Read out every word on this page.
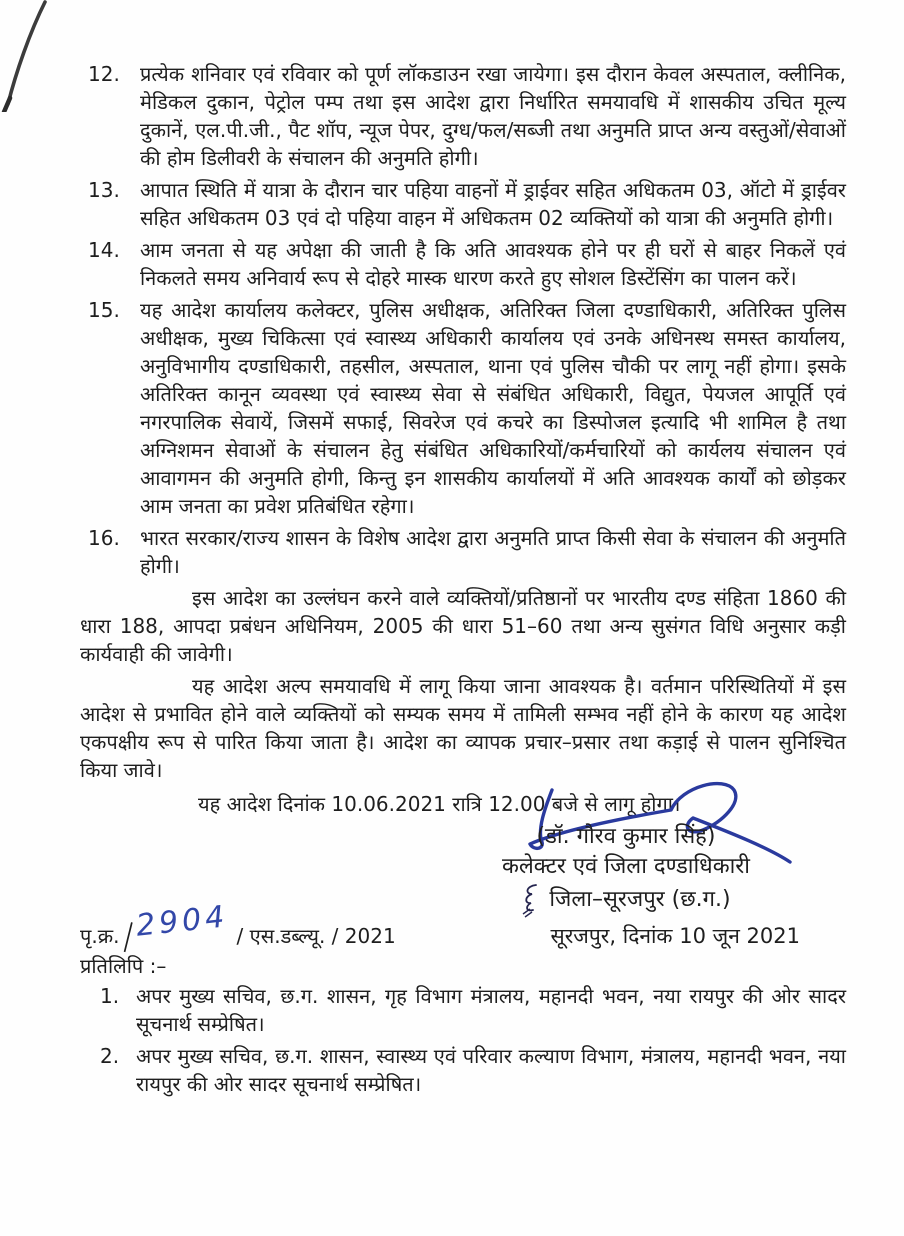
12.	प्रत्येक शनिवार एवं रविवार को पूर्ण लॉकडाउन रखा जायेगा। इस दौरान केवल अस्पताल, क्लीनिक, मेडिकल दुकान, पेट्रोल पम्प तथा इस आदेश द्वारा निर्धारित समयावधि में शासकीय उचित मूल्य दुकानें, एल.पी.जी., पैट शॉप, न्यूज पेपर, दुग्ध/फल/सब्जी तथा अनुमति प्राप्त अन्य वस्तुओं/सेवाओं की होम डिलीवरी के संचालन की अनुमति होगी।
13.	आपात स्थिति में यात्रा के दौरान चार पहिया वाहनों में ड्राईवर सहित अधिकतम 03, ऑटो में ड्राईवर सहित अधिकतम 03 एवं दो पहिया वाहन में अधिकतम 02 व्यक्तियों को यात्रा की अनुमति होगी।
14.	आम जनता से यह अपेक्षा की जाती है कि अति आवश्यक होने पर ही घरों से बाहर निकलें एवं निकलते समय अनिवार्य रूप से दोहरे मास्क धारण करते हुए सोशल डिस्टेंसिंग का पालन करें।
15.	यह आदेश कार्यालय कलेक्टर, पुलिस अधीक्षक, अतिरिक्त जिला दण्डाधिकारी, अतिरिक्त पुलिस अधीक्षक, मुख्य चिकित्सा एवं स्वास्थ्य अधिकारी कार्यालय एवं उनके अधिनस्थ समस्त कार्यालय, अनुविभागीय दण्डाधिकारी, तहसील, अस्पताल, थाना एवं पुलिस चौकी पर लागू नहीं होगा। इसके अतिरिक्त कानून व्यवस्था एवं स्वास्थ्य सेवा से संबंधित अधिकारी, विद्युत, पेयजल आपूर्ति एवं नगरपालिक सेवायें, जिसमें सफाई, सिवरेज एवं कचरे का डिस्पोजल इत्यादि भी शामिल है तथा अग्निशमन सेवाओं के संचालन हेतु संबंधित अधिकारियों/कर्मचारियों को कार्यलय संचालन एवं आवागमन की अनुमति होगी, किन्तु इन शासकीय कार्यालयों में अति आवश्यक कार्यों को छोड़कर आम जनता का प्रवेश प्रतिबंधित रहेगा।
16.	भारत सरकार/राज्य शासन के विशेष आदेश द्वारा अनुमति प्राप्त किसी सेवा के संचालन की अनुमति होगी।

इस आदेश का उल्लंघन करने वाले व्यक्तियों/प्रतिष्ठानों पर भारतीय दण्ड संहिता 1860 की धारा 188, आपदा प्रबंधन अधिनियम, 2005 की धारा 51–60 तथा अन्य सुसंगत विधि अनुसार कड़ी कार्यवाही की जावेगी।

यह आदेश अल्प समयावधि में लागू किया जाना आवश्यक है। वर्तमान परिस्थितियों में इस आदेश से प्रभावित होने वाले व्यक्तियों को सम्यक समय में तामिली सम्भव नहीं होने के कारण यह आदेश एकपक्षीय रूप से पारित किया जाता है। आदेश का व्यापक प्रचार–प्रसार तथा कड़ाई से पालन सुनिश्चित किया जावे।

यह आदेश दिनांक 10.06.2021 रात्रि 12.00 बजे से लागू होगा।

(डॉ. गौरव कुमार सिंह)
कलेक्टर एवं जिला दण्डाधिकारी
जिला–सूरजपुर (छ.ग.)
पृ.क्र. /2904 / एस.डब्ल्यू. / 2021	सूरजपुर, दिनांक 10 जून 2021
प्रतिलिपि :–
1. अपर मुख्य सचिव, छ.ग. शासन, गृह विभाग मंत्रालय, महानदी भवन, नया रायपुर की ओर सादर सूचनार्थ सम्प्रेषित।
2. अपर मुख्य सचिव, छ.ग. शासन, स्वास्थ्य एवं परिवार कल्याण विभाग, मंत्रालय, महानदी भवन, नया रायपुर की ओर सादर सूचनार्थ सम्प्रेषित।
